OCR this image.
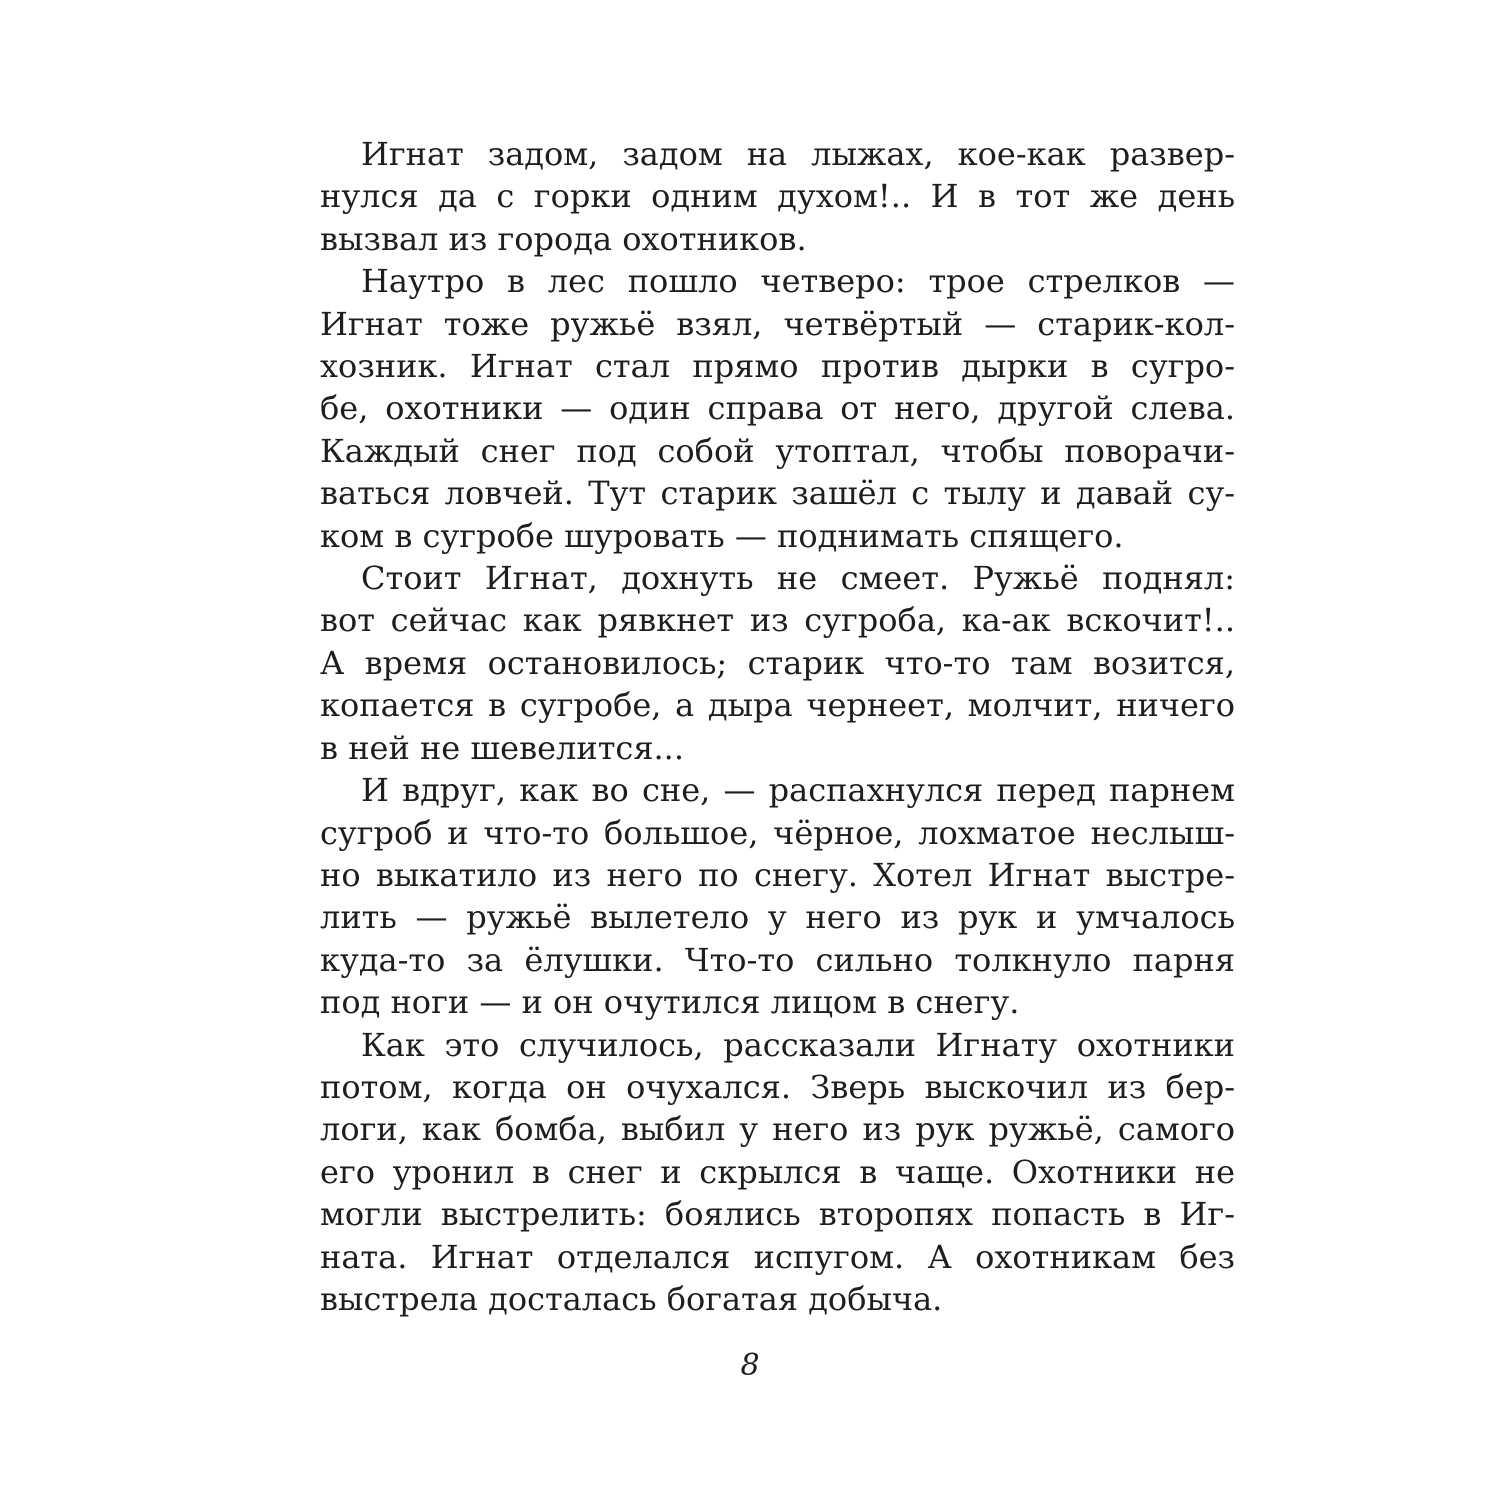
Игнат задом, задом на лыжах, кое-как развер-
нулся да с горки одним духом!.. И в тот же день
вызвал из города охотников.

Наутро в лес пошло четверо: трое стрелков —
Игнат тоже ружьё взял, четвёртый — старик-кол-
хозник. Игнат стал прямо против дырки в сугро-
бе, охотники — один справа от него, другой слева.
Каждый снег под собой утоптал, чтобы поворачи-
ваться ловчей. Тут старик зашёл с тылу и давай су-
ком в сугробе шуровать — поднимать спящего.

Стоит Игнат, дохнуть не смеет. Ружьё поднял:
вот сейчас как рявкнет из сугроба, ка-ак вскочит!..
А время остановилось; старик что-то там возится,
копается в сугробе, а дыра чернеет, молчит, ничего
в ней не шевелится...

И вдруг, как во сне, — распахнулся перед парнем
сугроб и что-то большое, чёрное, лохматое неслыш-
но выкатило из него по снегу. Хотел Игнат выстре-
лить — ружьё вылетело у него из рук и умчалось
куда-то за ёлушки. Что-то сильно толкнуло парня
под ноги — и он очутился лицом в снегу.

Как это случилось, рассказали Игнату охотники
потом, когда он очухался. Зверь выскочил из бер-
логи, как бомба, выбил у него из рук ружьё, самого
его уронил в снег и скрылся в чаще. Охотники не
могли выстрелить: боялись второпях попасть в Иг-
ната. Игнат отделался испугом. А охотникам без
выстрела досталась богатая добыча.

8
